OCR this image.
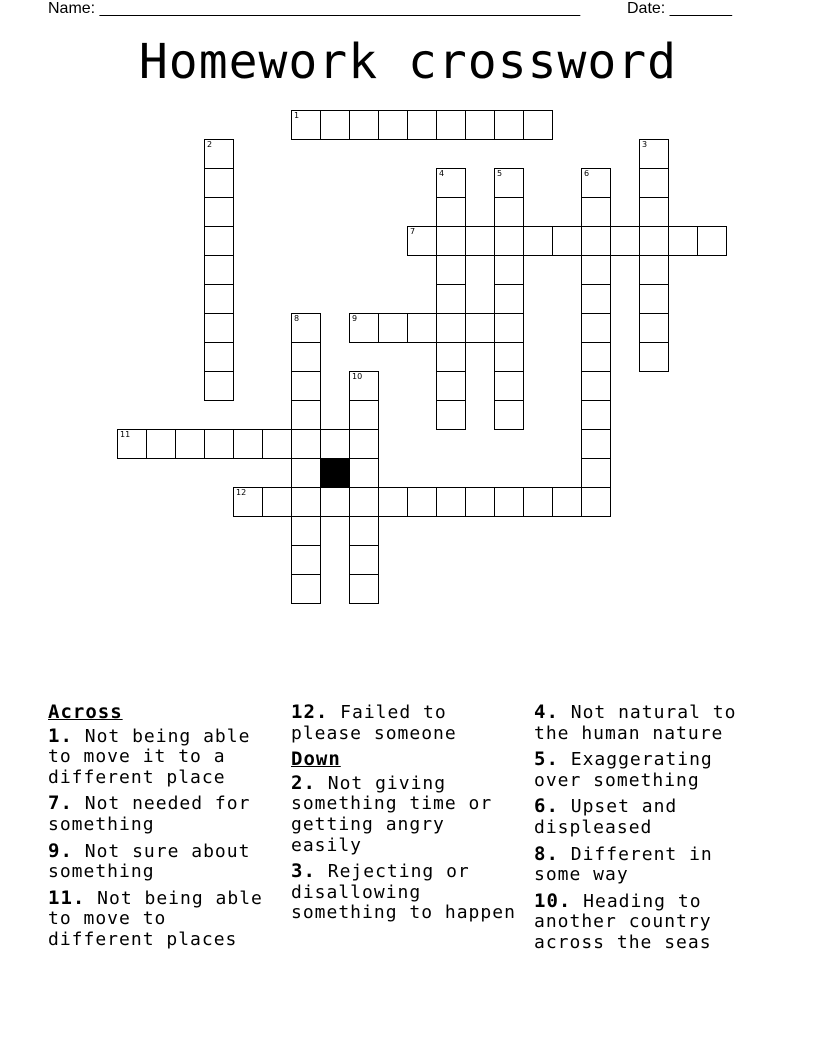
Name: ______________________________________________________	Date: _______
Homework crossword
1
2	3
4	5	6
7
8	9
10
11
12
Across
1. Not being able to move it to a different place
7. Not needed for something
9. Not sure about something
11. Not being able to move to different places
12. Failed to please someone
Down
2. Not giving something time or getting angry easily
3. Rejecting or disallowing something to happen
4. Not natural to the human nature
5. Exaggerating over something
6. Upset and displeased
8. Different in some way
10. Heading to another country across the seas
